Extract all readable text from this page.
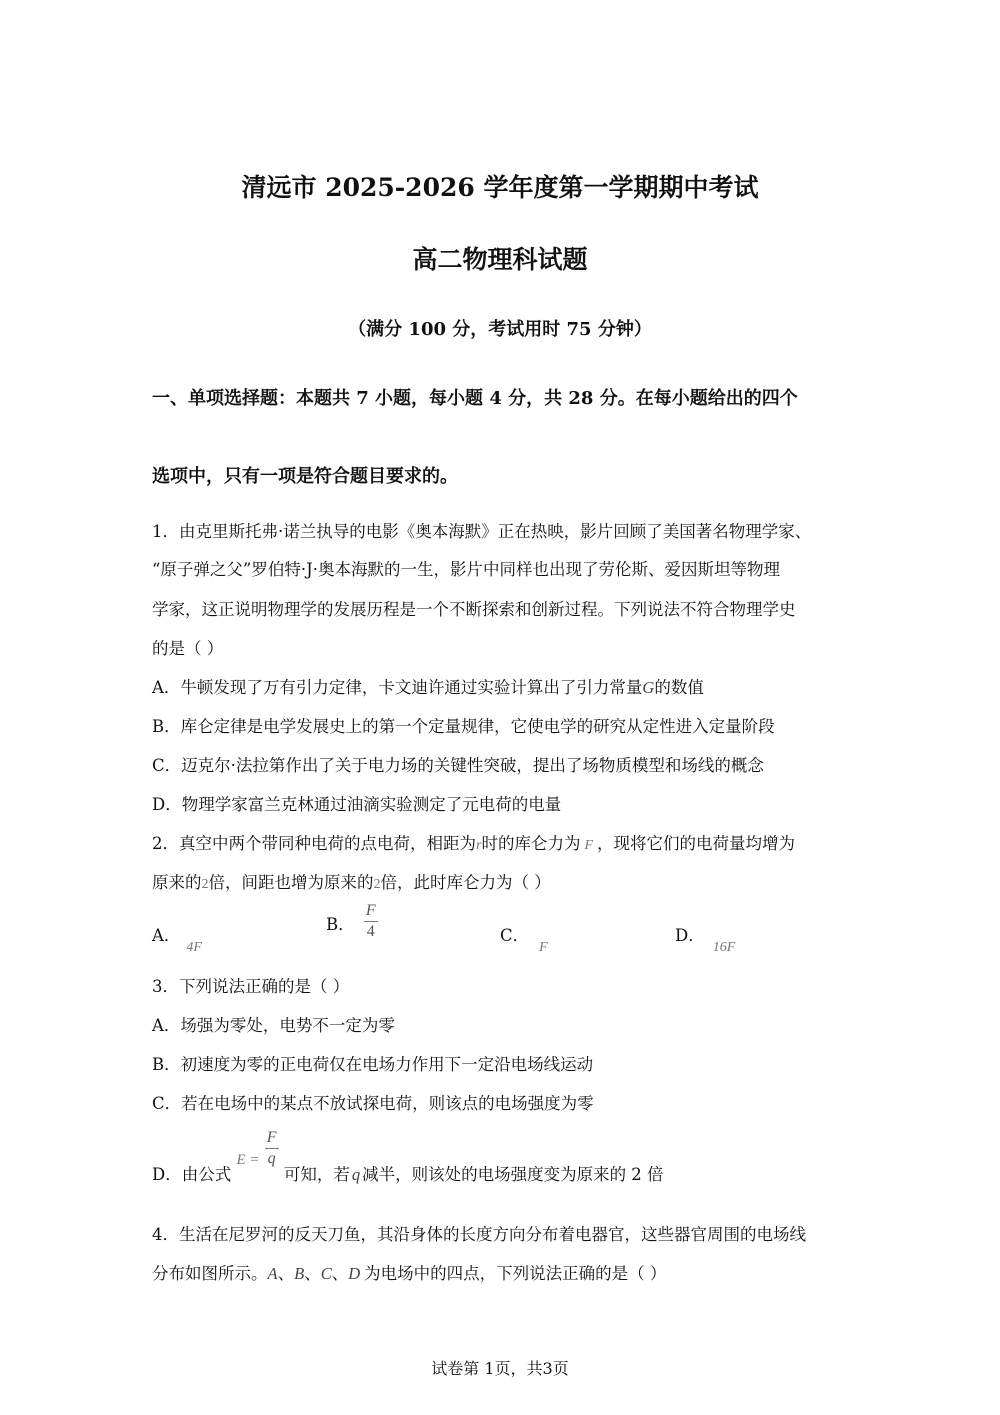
清远市 2025-2026 学年度第一学期期中考试
高二物理科试题
（满分 100 分，考试用时 75 分钟）
一、单项选择题：本题共 7 小题，每小题 4 分，共 28 分。在每小题给出的四个
选项中，只有一项是符合题目要求的。
1．由克里斯托弗·诺兰执导的电影《奥本海默》正在热映，影片回顾了美国著名物理学家、
“原子弹之父”罗伯特·J·奥本海默的一生，影片中同样也出现了劳伦斯、爱因斯坦等物理
学家，这正说明物理学的发展历程是一个不断探索和创新过程。下列说法不符合物理学史
的是（ ）
A．牛顿发现了万有引力定律，卡文迪许通过实验计算出了引力常量G的数值
B．库仑定律是电学发展史上的第一个定量规律，它使电学的研究从定性进入定量阶段
C．迈克尔·法拉第作出了关于电力场的关键性突破，提出了场物质模型和场线的概念
D．物理学家富兰克林通过油滴实验测定了元电荷的电量
2．真空中两个带同种电荷的点电荷，相距为r时的库仑力为 F ，现将它们的电荷量均增为
原来的2倍，间距也增为原来的2倍，此时库仑力为（ ）
A．$_{4F}$
B． $\frac{F}{4}$	C．$_F$
D．$_{16F}$
3．下列说法正确的是（ ）
A．场强为零处，电势不一定为零
B．初速度为零的正电荷仅在电场力作用下一定沿电场线运动
C．若在电场中的某点不放试探电荷，则该点的电场强度为零
D．由公式 $E = \frac{F}{q}$
可知，若 q 减半，则该处的电场强度变为原来的 2 倍
4．生活在尼罗河的反天刀鱼，其沿身体的长度方向分布着电器官，这些器官周围的电场线
分布如图所示。A、B、C、D 为电场中的四点，下列说法正确的是（ ）
试卷第 1页，共3页
